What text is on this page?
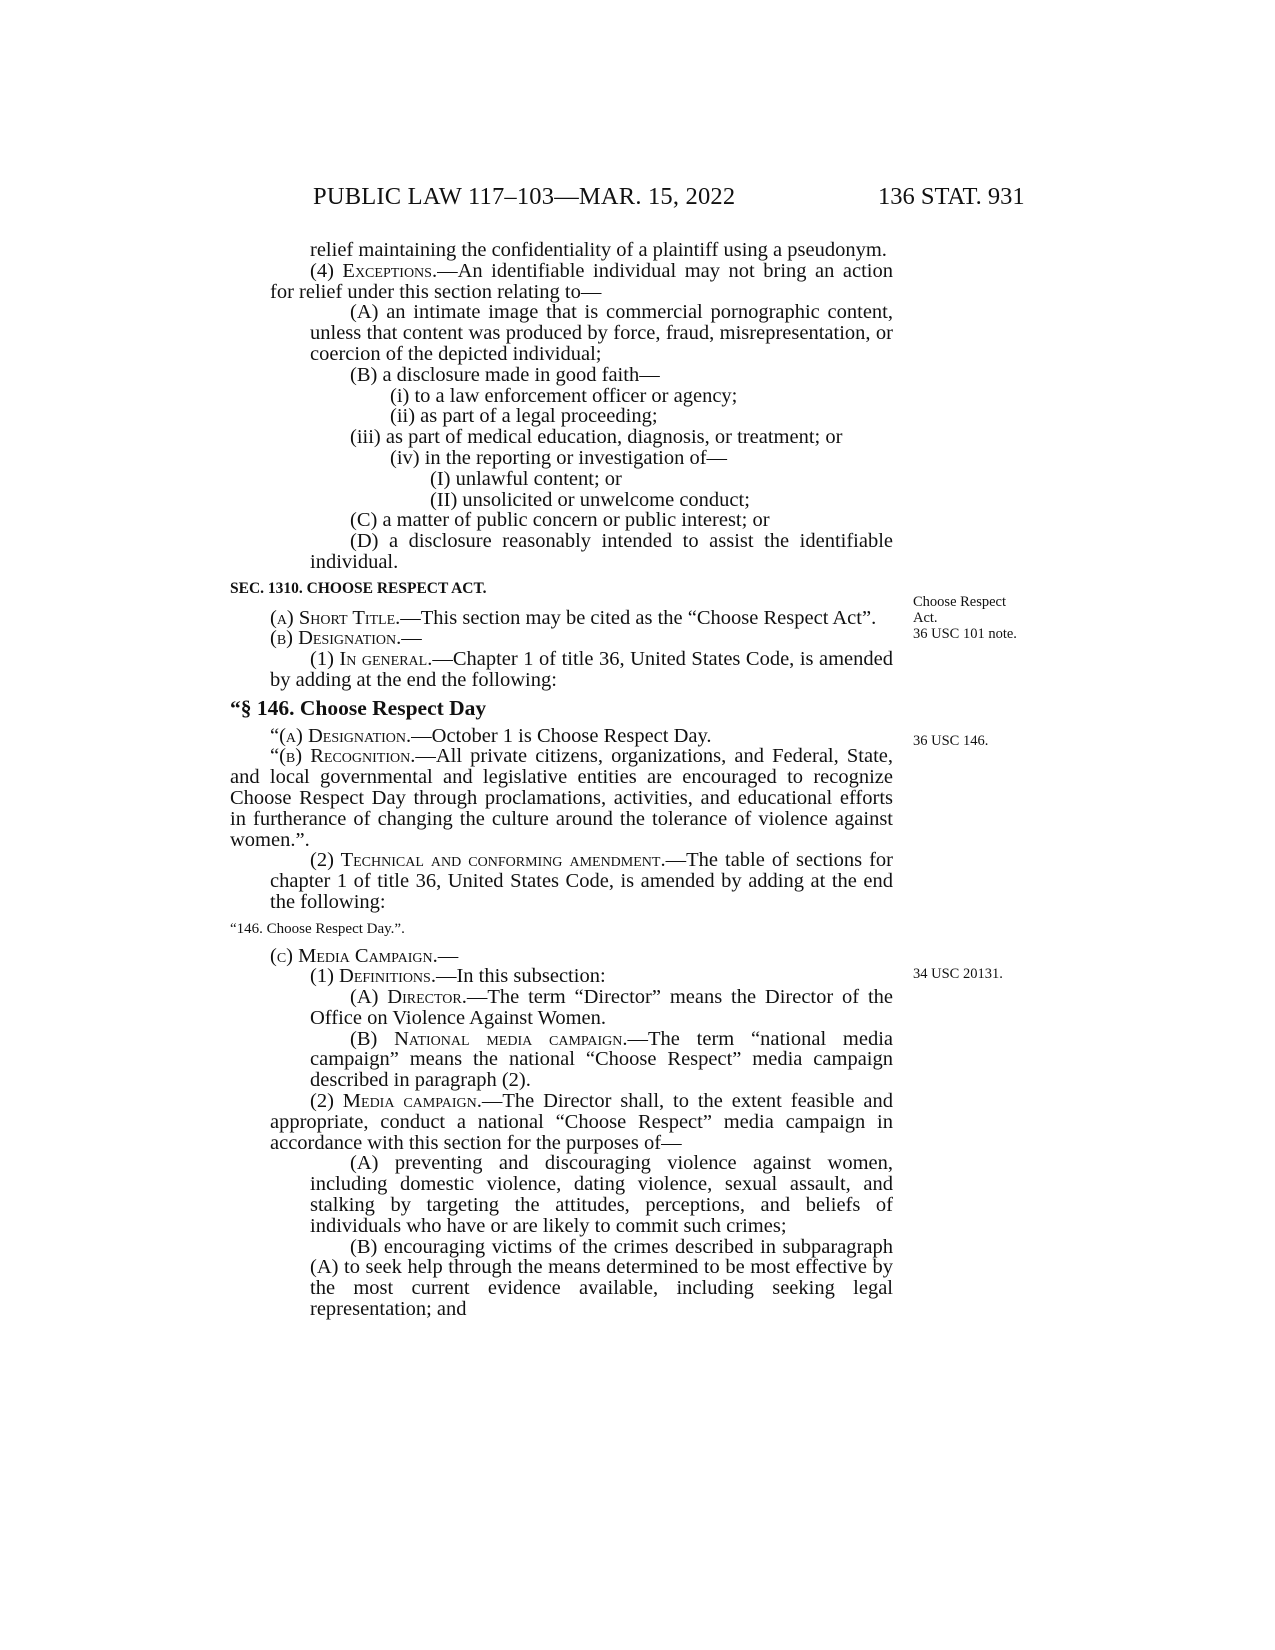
PUBLIC LAW 117–103—MAR. 15, 2022	136 STAT. 931
Choose Respect Act.
36 USC 101 note.
36 USC 146.
34 USC 20131.

relief maintaining the confidentiality of a plaintiff using a pseudonym.

(4) Exceptions.—An identifiable individual may not bring an action for relief under this section relating to—

(A) an intimate image that is commercial pornographic content, unless that content was produced by force, fraud, misrepresentation, or coercion of the depicted individual;

(B) a disclosure made in good faith—

(i) to a law enforcement officer or agency;

(ii) as part of a legal proceeding;

(iii) as part of medical education, diagnosis, or treatment; or

(iv) in the reporting or investigation of—

(I) unlawful content; or

(II) unsolicited or unwelcome conduct;

(C) a matter of public concern or public interest; or

(D) a disclosure reasonably intended to assist the identifiable individual.

SEC. 1310. CHOOSE RESPECT ACT.

(a) Short Title.—This section may be cited as the “Choose Respect Act”.

(b) Designation.—

(1) In general.—Chapter 1 of title 36, United States Code, is amended by adding at the end the following:

“§ 146. Choose Respect Day

“(a) Designation.—October 1 is Choose Respect Day.

“(b) Recognition.—All private citizens, organizations, and Federal, State, and local governmental and legislative entities are encouraged to recognize Choose Respect Day through proclamations, activities, and educational efforts in furtherance of changing the culture around the tolerance of violence against women.”.

(2) Technical and conforming amendment.—The table of sections for chapter 1 of title 36, United States Code, is amended by adding at the end the following:

“146. Choose Respect Day.”.

(c) Media Campaign.—

(1) Definitions.—In this subsection:

(A) Director.—The term “Director” means the Director of the Office on Violence Against Women.

(B) National media campaign.—The term “national media campaign” means the national “Choose Respect” media campaign described in paragraph (2).

(2) Media campaign.—The Director shall, to the extent feasible and appropriate, conduct a national “Choose Respect” media campaign in accordance with this section for the purposes of—

(A) preventing and discouraging violence against women, including domestic violence, dating violence, sexual assault, and stalking by targeting the attitudes, perceptions, and beliefs of individuals who have or are likely to commit such crimes;

(B) encouraging victims of the crimes described in subparagraph (A) to seek help through the means determined to be most effective by the most current evidence available, including seeking legal representation; and
